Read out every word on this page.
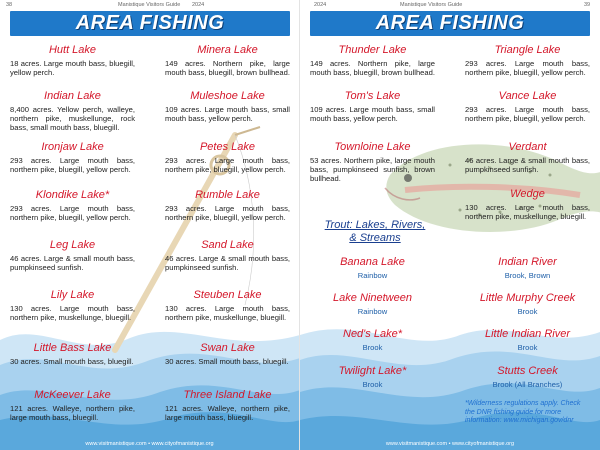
38	Manistique Visitors Guide 2024
AREA FISHING
Hutt Lake
18 acres. Large mouth bass, bluegill, yellow perch.
Minera Lake
149 acres. Northern pike, large mouth bass, bluegill, brown bullhead.
Indian Lake
8,400 acres. Yellow perch, walleye, northern pike, muskellunge, rock bass, small mouth bass, bluegill.
Muleshoe Lake
109 acres. Large mouth bass, small mouth bass, yellow perch.
Ironjaw Lake
293 acres. Large mouth bass, northern pike, bluegill, yellow perch.
Petes Lake
293 acres. Large mouth bass, northern pike, bluegill, yellow perch.
Klondike Lake*
293 acres. Large mouth bass, northern pike, bluegill, yellow perch.
Rumble Lake
293 acres. Large mouth bass, northern pike, bluegill, yellow perch.
Leg Lake
46 acres. Large & small mouth bass, pumpkinseed sunfish.
Sand Lake
46 acres. Large & small mouth bass, pumpkinseed sunfish.
Lily Lake
130 acres. Large mouth bass, northern pike, muskellunge, bluegill.
Steuben Lake
130 acres. Large mouth bass, northern pike, muskellunge, bluegill.
Little Bass Lake
30 acres. Small mouth bass, bluegill.
Swan Lake
30 acres. Small mouth bass, bluegill.
McKeever Lake
121 acres. Walleye, northern pike, large mouth bass, bluegill.
Three Island Lake
121 acres. Walleye, northern pike, large mouth bass, bluegill.
www.visitmanistique.com • www.cityofmanistique.org
2024	Manistique Visitors Guide	39
AREA FISHING
Thunder Lake
149 acres. Northern pike, large mouth bass, bluegill, brown bullhead.
Triangle Lake
293 acres. Large mouth bass, northern pike, bluegill, yellow perch.
Tom's Lake
109 acres. Large mouth bass, small mouth bass, yellow perch.
Vance Lake
293 acres. Large mouth bass, northern pike, bluegill, yellow perch.
Townloine Lake
53 acres. Northern pike, large mouth bass, pumpkinseed sunfish, brown bullhead.
Verdant
46 acres. Large & small mouth bass, pumpkinseed sunfish.
Wedge
130 acres. Large mouth bass, northern pike, muskellunge, bluegill.
Trout: Lakes, Rivers, & Streams
Banana Lake
Rainbow
Indian River
Brook, Brown
Lake Ninetween
Rainbow
Little Murphy Creek
Brook
Ned's Lake*
Brook
Little Indian River
Brook
Twilight Lake*
Brook
Stutts Creek
Brook (All Branches)
*Wilderness regulations apply. Check the DNR fishing guide for more information: www.michigan.gov/dnr
www.visitmanistique.com • www.cityofmanistique.org
